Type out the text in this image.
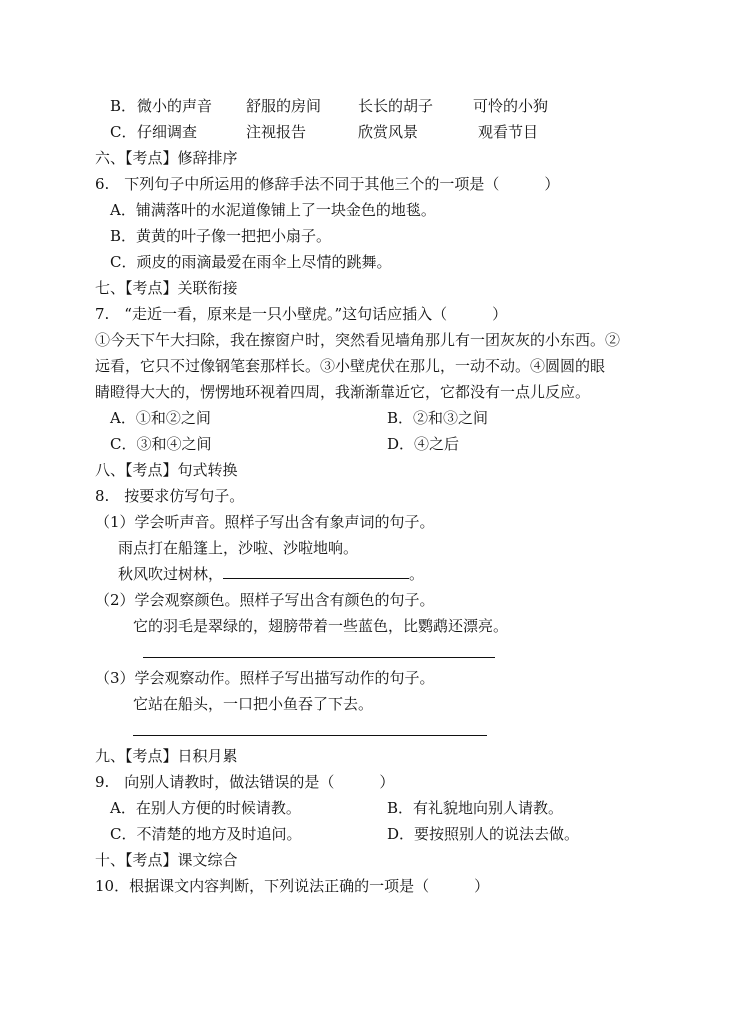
B． 微小的声音 舒服的房间 长长的胡子	可怜的小狗
C． 仔细调查	注视报告	欣赏风景	观看节目
六、【考点】修辞排序
6.　下列句子中所运用的修辞手法不同于其他三个的一项是（　　　）
A．铺满落叶的水泥道像铺上了一块金色的地毯。
B．黄黄的叶子像一把把小扇子。
C．顽皮的雨滴最爱在雨伞上尽情的跳舞。
七、【考点】关联衔接
7.　“走近一看，原来是一只小壁虎。”这句话应插入（　　　）
①今天下午大扫除，我在擦窗户时，突然看见墙角那儿有一团灰灰的小东西。②
远看，它只不过像钢笔套那样长。③小壁虎伏在那儿，一动不动。④圆圆的眼
睛瞪得大大的，愣愣地环视着四周，我渐渐靠近它，它都没有一点儿反应。
A．①和②之间	B．②和③之间
C．③和④之间	D．④之后
八、【考点】句式转换
8.　按要求仿写句子。
（1）学会听声音。照样子写出含有象声词的句子。
雨点打在船篷上，沙啦、沙啦地响。
秋风吹过树林，	。
（2）学会观察颜色。照样子写出含有颜色的句子。
它的羽毛是翠绿的，翅膀带着一些蓝色，比鹦鹉还漂亮。
（3）学会观察动作。照样子写出描写动作的句子。
它站在船头，一口把小鱼吞了下去。
九、【考点】日积月累
9.　向别人请教时，做法错误的是（　　　）
A．在别人方便的时候请教。	B．有礼貌地向别人请教。
C．不清楚的地方及时追问。	D．要按照别人的说法去做。
十、【考点】课文综合
10．根据课文内容判断，下列说法正确的一项是（　　　）
